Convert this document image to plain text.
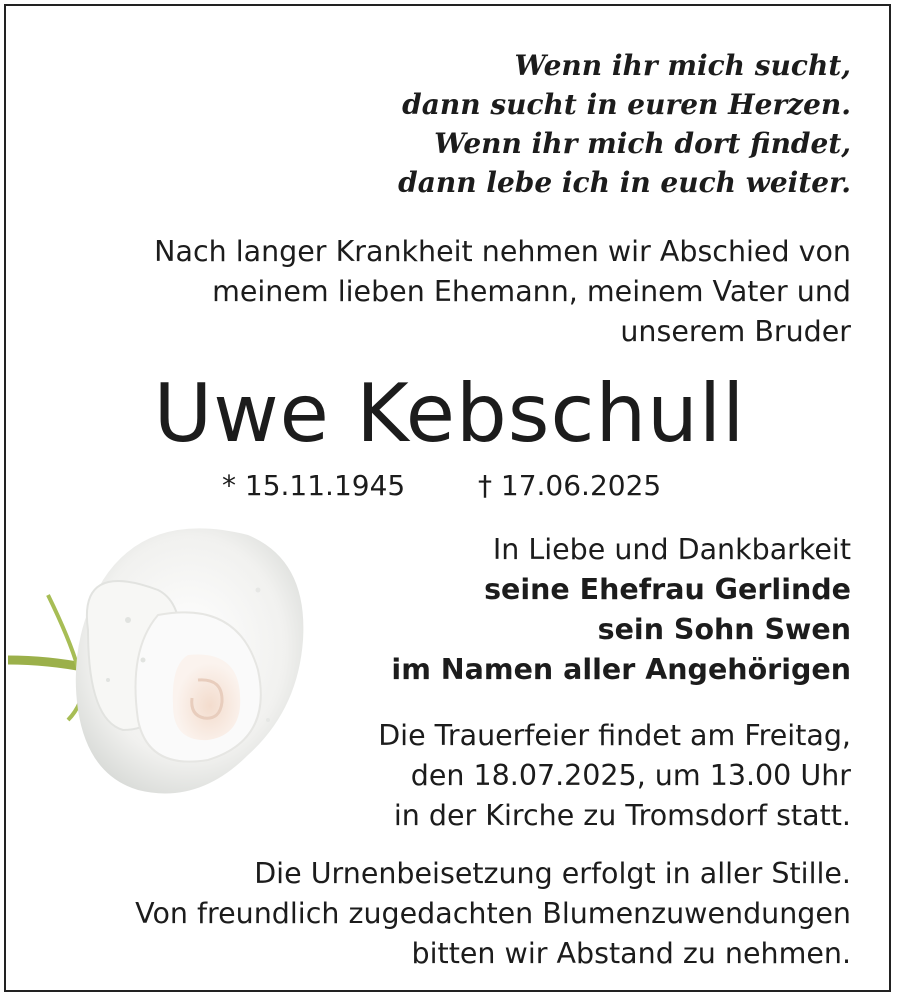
Wenn ihr mich sucht,
dann sucht in euren Herzen.
Wenn ihr mich dort findet,
dann lebe ich in euch weiter.
Nach langer Krankheit nehmen wir Abschied von
meinem lieben Ehemann, meinem Vater und
unserem Bruder
Uwe Kebschull
* 15.11.1945	† 17.06.2025
In Liebe und Dankbarkeit
seine Ehefrau Gerlinde
sein Sohn Swen
im Namen aller Angehörigen
Die Trauerfeier findet am Freitag,
den 18.07.2025, um 13.00 Uhr
in der Kirche zu Tromsdorf statt.
Die Urnenbeisetzung erfolgt in aller Stille.
Von freundlich zugedachten Blumenzuwendungen
bitten wir Abstand zu nehmen.
